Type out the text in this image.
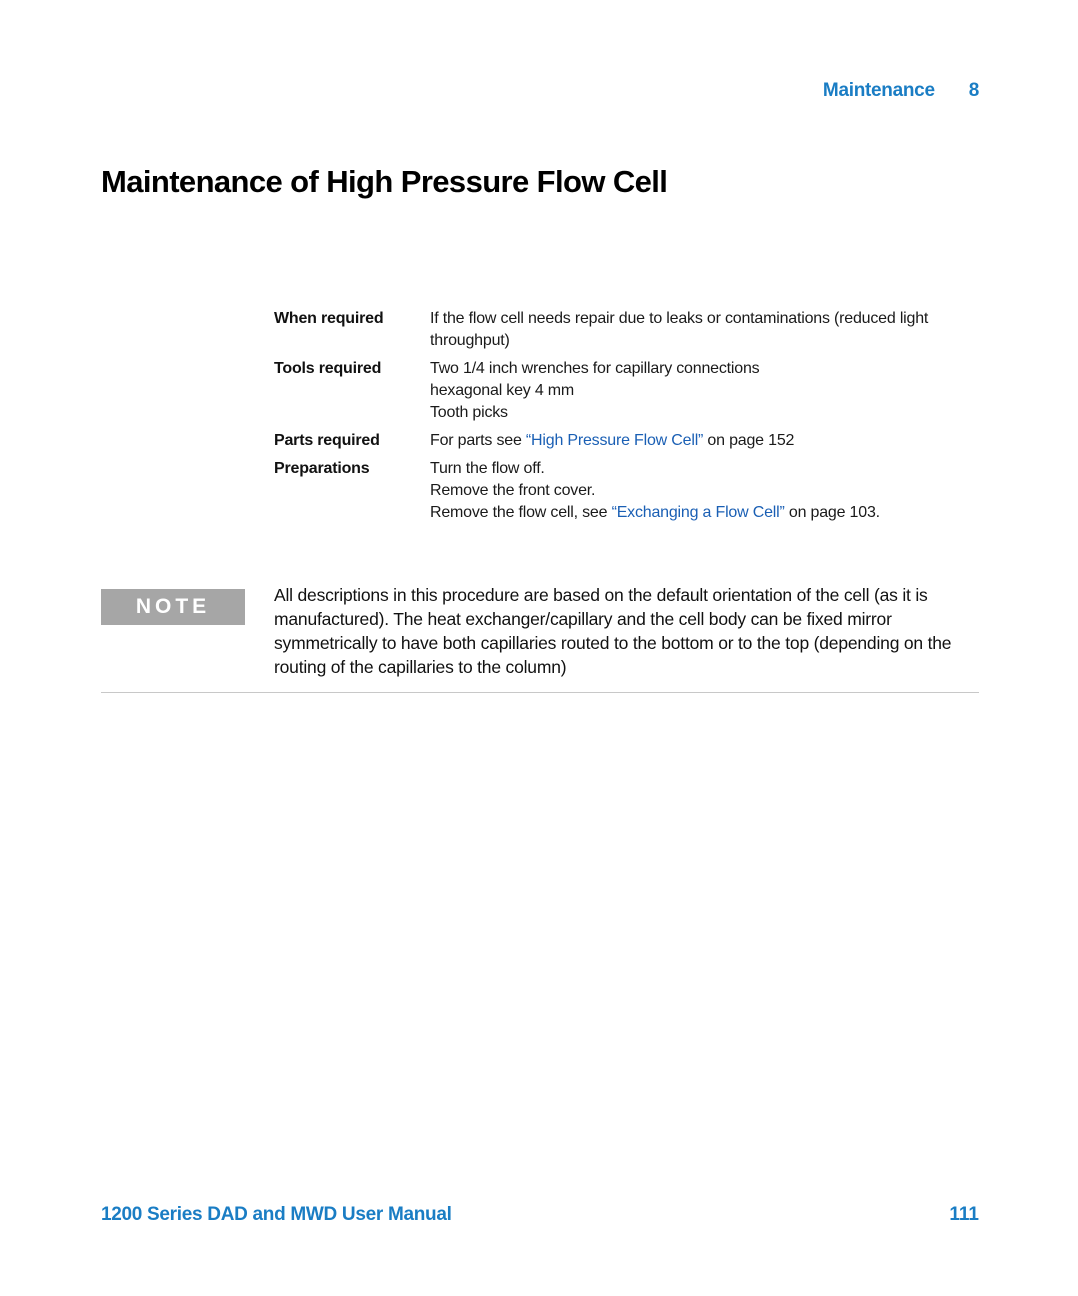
Maintenance 8
Maintenance of High Pressure Flow Cell
When required	If the flow cell needs repair due to leaks or contaminations (reduced light
throughput)
Tools required	Two 1/4 inch wrenches for capillary connections
hexagonal key 4 mm
Tooth picks
Parts required	For parts see “High Pressure Flow Cell” on page 152
Preparations	Turn the flow off.
Remove the front cover.
Remove the flow cell, see “Exchanging a Flow Cell” on page 103.
NOTE	All descriptions in this procedure are based on the default orientation of the cell (as it is manufactured). The heat exchanger/capillary and the cell body can be fixed mirror symmetrically to have both capillaries routed to the bottom or to the top (depending on the routing of the capillaries to the column)

1200 Series DAD and MWD User Manual	111
